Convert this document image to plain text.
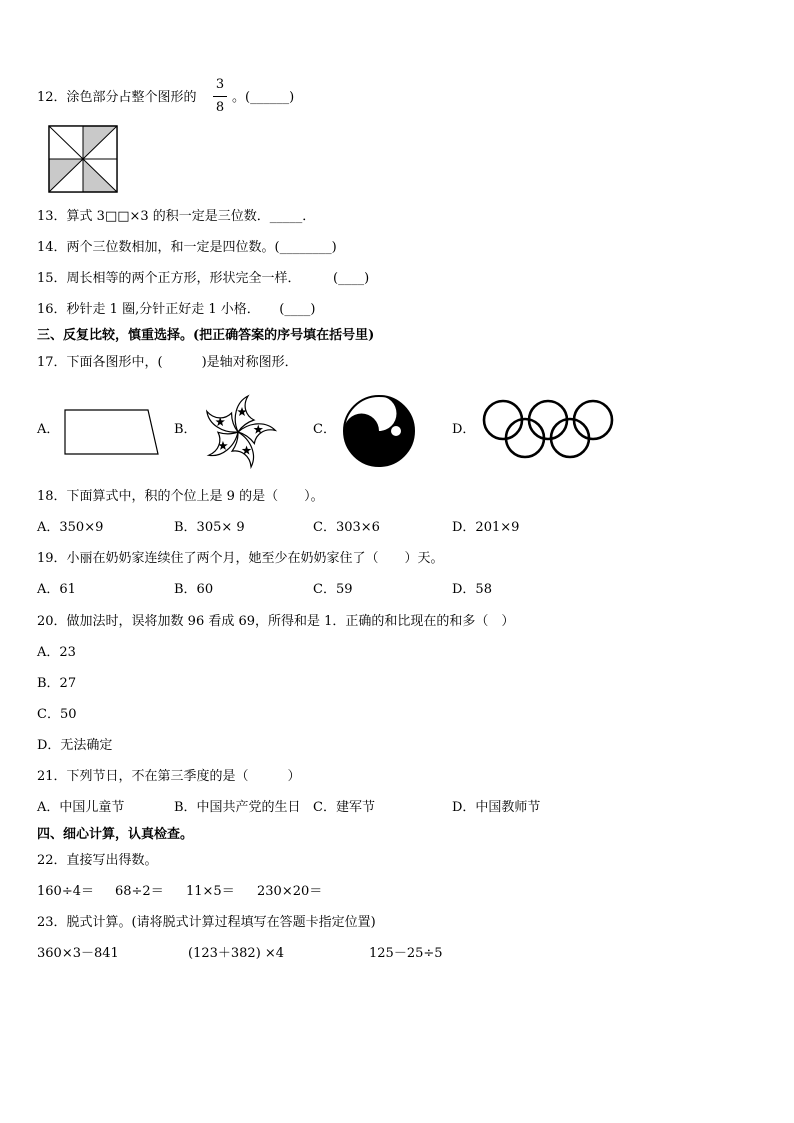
12．涂色部分占整个图形的
3
8
。(______)
13．算式 3□□×3 的积一定是三位数．_____．
14．两个三位数相加，和一定是四位数。(________)
15．周长相等的两个正方形，形状完全一样．　　　(____)
16．秒针走 1 圈,分针正好走 1 小格．　　(____)
三、反复比较，慎重选择。(把正确答案的序号填在括号里)
17．下面各图形中，(　　　)是轴对称图形．
A．	B．	C．	D．
18．下面算式中，积的个位上是 9 的是（　　）。
A．350×9	B．305× 9	C．303×6	D．201×9
19．小丽在奶奶家连续住了两个月，她至少在奶奶家住了（　　）天。
A．61	B．60	C．59	D．58
20．做加法时，误将加数 96 看成 69，所得和是 1．正确的和比现在的和多（　）
A．23
B．27
C．50
D．无法确定
21．下列节日，不在第三季度的是（　　　）
A．中国儿童节	B．中国共产党的生日 C．建军节	D．中国教师节
四、细心计算，认真检查。
22．直接写出得数。
160÷4＝ 68÷2＝ 11×5＝ 230×20＝
23．脱式计算。(请将脱式计算过程填写在答题卡指定位置)
360×3－841	(123＋382) ×4	125－25÷5
